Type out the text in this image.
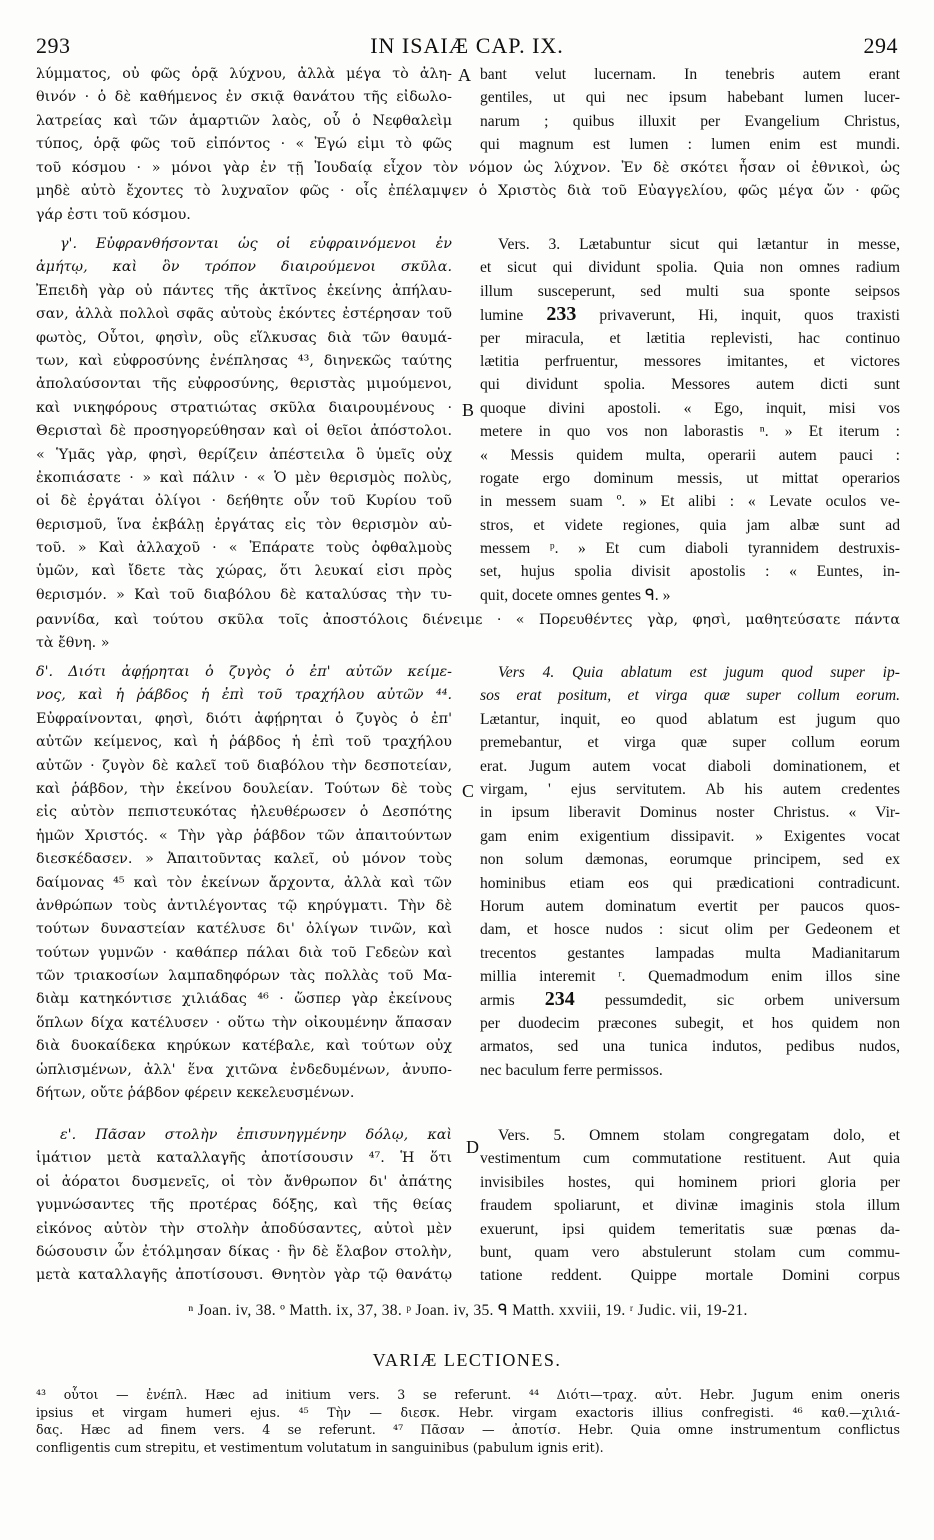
293	IN ISAIÆ CAP. IX.	294
λύμματος, οὐ φῶς ὁρᾷ λύχνου, ἀλλὰ μέγα τὸ ἀλη-
θινόν · ὁ δὲ καθήμενος ἐν σκιᾷ θανάτου τῆς εἰδωλο-
λατρείας καὶ τῶν ἁμαρτιῶν λαὸς, οὗ ὁ Νεφθαλεὶμ
τύπος, ὁρᾷ φῶς τοῦ εἰπόντος · « Ἐγώ εἰμι τὸ φῶς
A bant velut lucernam. In tenebris autem erant
gentiles, ut qui nec ipsum habebant lumen lucer-
narum ; quibus illuxit per Evangelium Christus,
qui magnum est lumen : lumen enim est mundi.
τοῦ κόσμου · » μόνοι γὰρ ἐν τῇ Ἰουδαίᾳ εἶχον τὸν νόμον ὡς λύχνον. Ἐν δὲ σκότει ἦσαν οἱ ἐθνικοὶ, ὡς
μηδὲ αὐτὸ ἔχοντες τὸ λυχναῖον φῶς · οἷς ἐπέλαμψεν ὁ Χριστὸς διὰ τοῦ Εὐαγγελίου, φῶς μέγα ὤν · φῶς
γάρ ἐστι τοῦ κόσμου.
γ'. Εὐφρανθήσονται ὡς οἱ εὐφραινόμενοι ἐν
ἀμήτῳ, καὶ ὃν τρόπον διαιρούμενοι σκῦλα.
Ἐπειδὴ γὰρ οὐ πάντες τῆς ἀκτῖνος ἐκείνης ἀπήλαυ-
σαν, ἀλλὰ πολλοὶ σφᾶς αὐτοὺς ἑκόντες ἐστέρησαν τοῦ
φωτὸς, Οὗτοι, φησὶν, οὓς εἵλκυσας διὰ τῶν θαυμά-
των, καὶ εὐφροσύνης ἐνέπλησας ⁴³, διηνεκῶς ταύτης
ἀπολαύσονται τῆς εὐφροσύνης, θεριστὰς μιμούμενοι,
καὶ νικηφόρους στρατιώτας σκῦλα διαιρουμένους ·
Θερισταὶ δὲ προσηγορεύθησαν καὶ οἱ θεῖοι ἀπόστολοι.
« Ὑμᾶς γὰρ, φησὶ, θερίζειν ἀπέστειλα ὃ ὑμεῖς οὐχ
ἐκοπιάσατε · » καὶ πάλιν · « Ὁ μὲν θερισμὸς πολὺς,
οἱ δὲ ἐργάται ὀλίγοι · δεήθητε οὖν τοῦ Κυρίου τοῦ
θερισμοῦ, ἵνα ἐκβάλῃ ἐργάτας εἰς τὸν θερισμὸν αὐ-
τοῦ. » Καὶ ἀλλαχοῦ · « Ἐπάρατε τοὺς ὀφθαλμοὺς
ὑμῶν, καὶ ἴδετε τὰς χώρας, ὅτι λευκαί εἰσι πρὸς
θερισμόν. » Καὶ τοῦ διαβόλου δὲ καταλύσας τὴν τυ-
B
Vers. 3. Lætabuntur sicut qui lætantur in messe,
et sicut qui dividunt spolia. Quia non omnes radium
illum susceperunt, sed multi sua sponte seipsos
lumine 233 privaverunt, Hi, inquit, quos traxisti
per miracula, et lætitia replevisti, hac continuo
lætitia perfruentur, messores imitantes, et victores
qui dividunt spolia. Messores autem dicti sunt
quoque divini apostoli. « Ego, inquit, misi vos
metere in quo vos non laborastis ⁿ. » Et iterum :
« Messis quidem multa, operarii autem pauci :
rogate ergo dominum messis, ut mittat operarios
in messem suam º. » Et alibi : « Levate oculos ve-
stros, et videte regiones, quia jam albæ sunt ad
messem ᵖ. » Et cum diaboli tyrannidem destruxis-
set, hujus spolia divisit apostolis : « Euntes, in-
quit, docete omnes gentes ᑫ. »
ραννίδα, καὶ τούτου σκῦλα τοῖς ἀποστόλοις διένειμε · « Πορευθέντες γὰρ, φησὶ, μαθητεύσατε πάντα
τὰ ἔθνη. »
δ'. Διότι ἀφῄρηται ὁ ζυγὸς ὁ ἐπ' αὐτῶν κείμε-
νος, καὶ ἡ ῥάβδος ἡ ἐπὶ τοῦ τραχήλου αὐτῶν ⁴⁴.
Εὐφραίνονται, φησὶ, διότι ἀφῄρηται ὁ ζυγὸς ὁ ἐπ'
αὐτῶν κείμενος, καὶ ἡ ῥάβδος ἡ ἐπὶ τοῦ τραχήλου
αὐτῶν · ζυγὸν δὲ καλεῖ τοῦ διαβόλου τὴν δεσποτείαν,
καὶ ῥάβδον, τὴν ἐκείνου δουλείαν. Τούτων δὲ τοὺς
εἰς αὐτὸν πεπιστευκότας ἠλευθέρωσεν ὁ Δεσπότης
ἡμῶν Χριστός. « Τὴν γὰρ ῥάβδον τῶν ἀπαιτούντων
διεσκέδασεν. » Ἀπαιτοῦντας καλεῖ, οὐ μόνον τοὺς
δαίμονας ⁴⁵ καὶ τὸν ἐκείνων ἄρχοντα, ἀλλὰ καὶ τῶν
ἀνθρώπων τοὺς ἀντιλέγοντας τῷ κηρύγματι. Τὴν δὲ
τούτων δυναστείαν κατέλυσε δι' ὀλίγων τινῶν, καὶ
τούτων γυμνῶν · καθάπερ πάλαι διὰ τοῦ Γεδεὼν καὶ
τῶν τριακοσίων λαμπαδηφόρων τὰς πολλὰς τοῦ Μα-
διὰμ κατηκόντισε χιλιάδας ⁴⁶ · ὥσπερ γὰρ ἐκείνους
ὅπλων δίχα κατέλυσεν · οὕτω τὴν οἰκουμένην ἅπασαν
διὰ δυοκαίδεκα κηρύκων κατέβαλε, καὶ τούτων οὐχ
ὡπλισμένων, ἀλλ' ἕνα χιτῶνα ἐνδεδυμένων, ἀνυπο-
δήτων, οὔτε ῥάβδον φέρειν κεκελευσμένων.
C
Vers 4. Quia ablatum est jugum quod super ip-
sos erat positum, et virga quæ super collum eorum.
Lætantur, inquit, eo quod ablatum est jugum quo
premebantur, et virga quæ super collum eorum
erat. Jugum autem vocat diaboli dominationem, et
virgam, ' ejus servitutem. Ab his autem credentes
in ipsum liberavit Dominus noster Christus. « Vir-
gam enim exigentium dissipavit. » Exigentes vocat
non solum dæmonas, eorumque principem, sed ex
hominibus etiam eos qui prædicationi contradicunt.
Horum autem dominatum evertit per paucos quos-
dam, et hosce nudos : sicut olim per Gedeonem et
trecentos gestantes lampadas multa Madianitarum
millia interemit ʳ. Quemadmodum enim illos sine
armis 234 pessumdedit, sic orbem universum
per duodecim præcones subegit, et hos quidem non
armatos, sed una tunica indutos, pedibus nudos,
nec baculum ferre permissos.
ε'. Πᾶσαν στολὴν ἐπισυνηγμένην δόλῳ, καὶ
ἱμάτιον μετὰ καταλλαγῆς ἀποτίσουσιν ⁴⁷. Ἡ ὅτι
οἱ ἀόρατοι δυσμενεῖς, οἱ τὸν ἄνθρωπον δι' ἀπάτης
γυμνώσαντες τῆς προτέρας δόξης, καὶ τῆς θείας
εἰκόνος αὐτὸν τὴν στολὴν ἀποδύσαντες, αὐτοὶ μὲν
δώσουσιν ὧν ἐτόλμησαν δίκας · ἣν δὲ ἔλαβον στολὴν,
μετὰ καταλλαγῆς ἀποτίσουσι. Θνητὸν γὰρ τῷ θανάτῳ
D
Vers. 5. Omnem stolam congregatam dolo, et
vestimentum cum commutatione restituent. Aut quia
invisibiles hostes, qui hominem priori gloria per
fraudem spoliarunt, et divinæ imaginis stola illum
exuerunt, ipsi quidem temeritatis suæ pœnas da-
bunt, quam vero abstulerunt stolam cum commu-
tatione reddent. Quippe mortale Domini corpus
ⁿ Joan. iv, 38. º Matth. ix, 37, 38. ᵖ Joan. iv, 35. ᑫ Matth. xxviii, 19. ʳ Judic. vii, 19-21.
VARIÆ LECTIONES.
⁴³ οὗτοι — ἐνέπλ. Hæc ad initium vers. 3 se referunt. ⁴⁴ Διότι—τραχ. αὐτ. Hebr. Jugum enim oneris
ipsius et virgam humeri ejus. ⁴⁵ Τὴν — διεσκ. Hebr. virgam exactoris illius confregisti. ⁴⁶ καθ.—χιλιά-
δας. Hæc ad finem vers. 4 se referunt. ⁴⁷ Πᾶσαν — ἀποτίσ. Hebr. Quia omne instrumentum conflictus
confligentis cum strepitu, et vestimentum volutatum in sanguinibus (pabulum ignis erit).
